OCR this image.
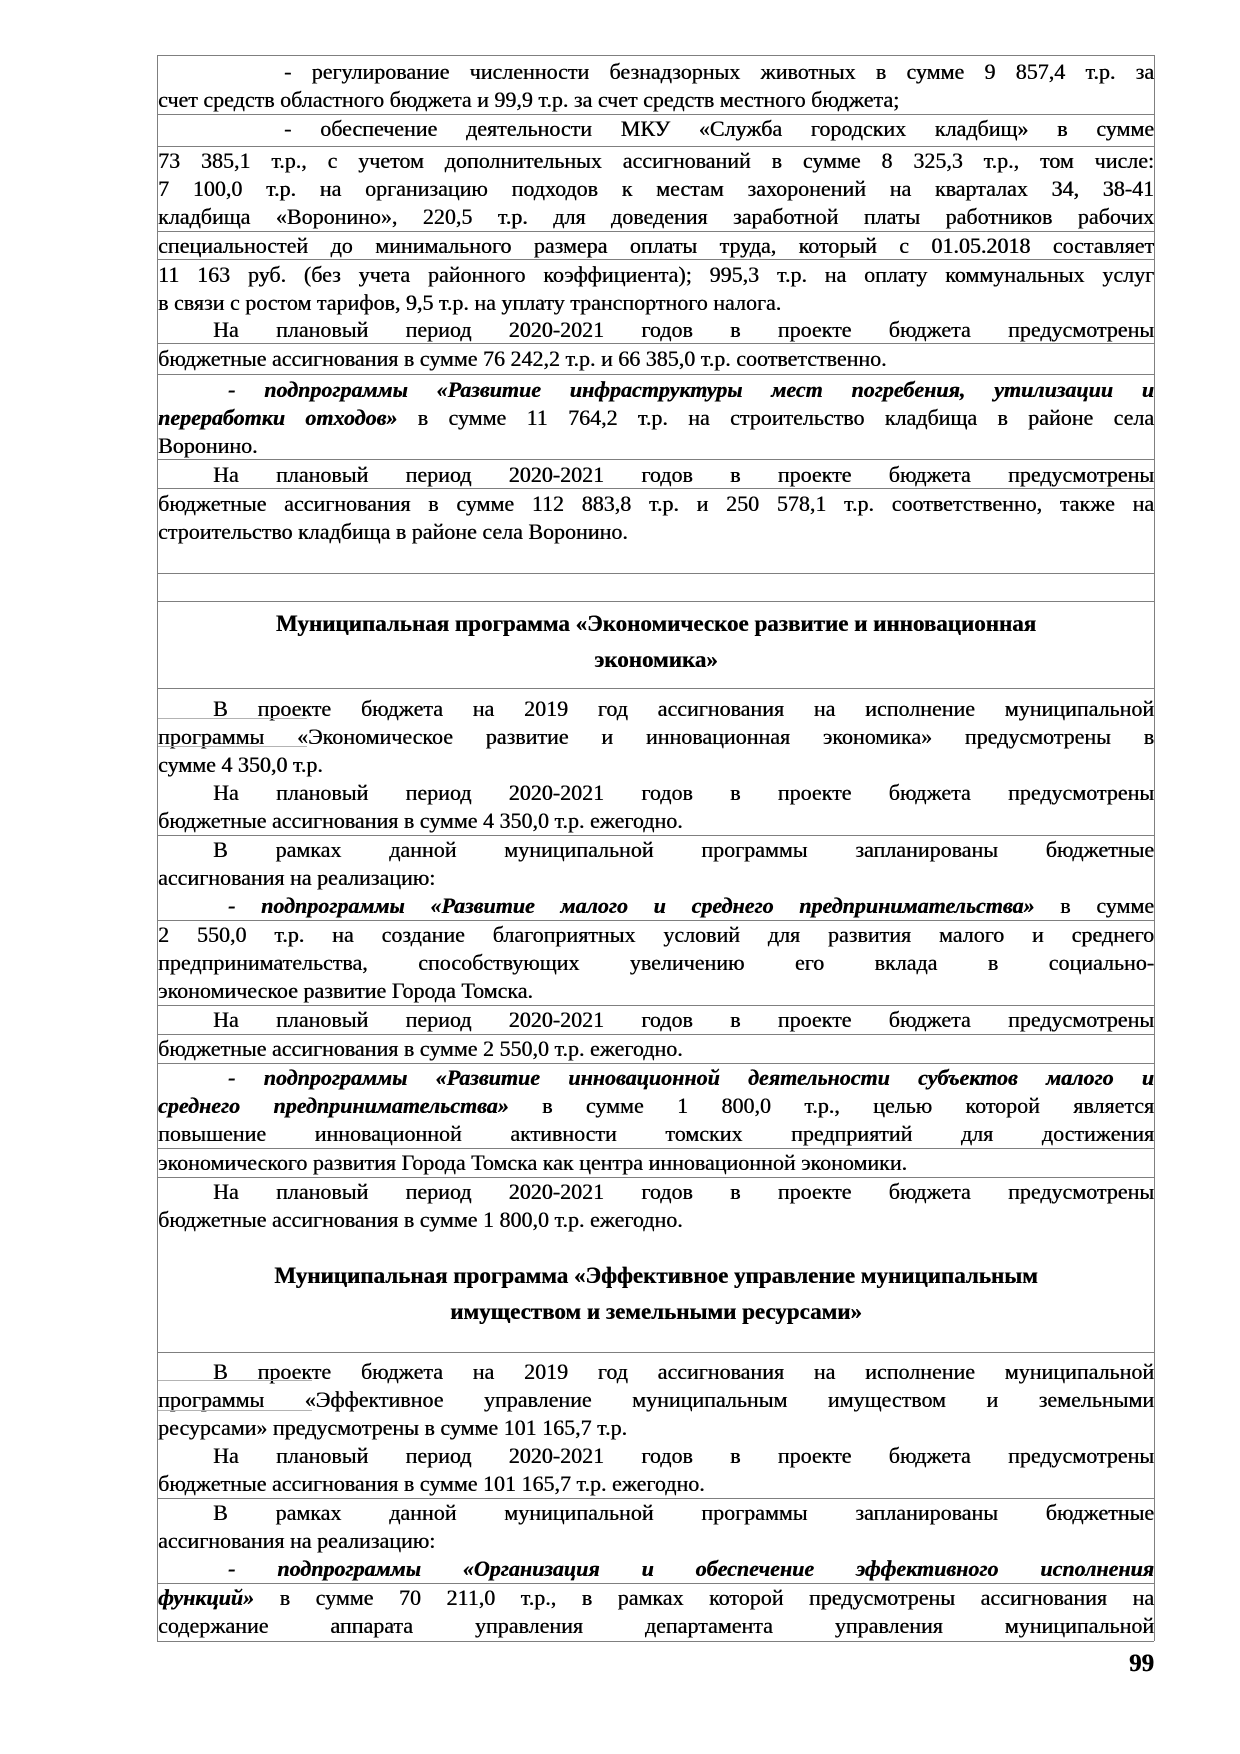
- регулирование численности безнадзорных животных в сумме 9 857,4 т.р. за
счет средств областного бюджета и 99,9 т.р. за счет средств местного бюджета;
- обеспечение деятельности МКУ «Служба городских кладбищ» в сумме
73 385,1 т.р., с учетом дополнительных ассигнований в сумме 8 325,3 т.р., том числе:
7 100,0 т.р. на организацию подходов к местам захоронений на кварталах 34, 38-41
кладбища «Воронино», 220,5 т.р. для доведения заработной платы работников рабочих
специальностей до минимального размера оплаты труда, который с 01.05.2018 составляет
11 163 руб. (без учета районного коэффициента); 995,3 т.р. на оплату коммунальных услуг
в связи с ростом тарифов, 9,5 т.р. на уплату транспортного налога.
На плановый период 2020-2021 годов в проекте бюджета предусмотрены
бюджетные ассигнования в сумме 76 242,2 т.р. и 66 385,0 т.р. соответственно.
- подпрограммы «Развитие инфраструктуры мест погребения, утилизации и
переработки отходов» в сумме 11 764,2 т.р. на строительство кладбища в районе села
Воронино.
На плановый период 2020-2021 годов в проекте бюджета предусмотрены
бюджетные ассигнования в сумме 112 883,8 т.р. и 250 578,1 т.р. соответственно, также на
строительство кладбища в районе села Воронино.
Муниципальная программа «Экономическое развитие и инновационная
экономика»
В проекте бюджета на 2019 год ассигнования на исполнение муниципальной
программы «Экономическое развитие и инновационная экономика» предусмотрены в
сумме 4 350,0 т.р.
На плановый период 2020-2021 годов в проекте бюджета предусмотрены
бюджетные ассигнования в сумме 4 350,0 т.р. ежегодно.
В рамках данной муниципальной программы запланированы бюджетные
ассигнования на реализацию:
- подпрограммы «Развитие малого и среднего предпринимательства» в сумме
2 550,0 т.р. на создание благоприятных условий для развития малого и среднего
предпринимательства, способствующих увеличению его вклада в социально-
экономическое развитие Города Томска.
На плановый период 2020-2021 годов в проекте бюджета предусмотрены
бюджетные ассигнования в сумме 2 550,0 т.р. ежегодно.
- подпрограммы «Развитие инновационной деятельности субъектов малого и
среднего предпринимательства» в сумме 1 800,0 т.р., целью которой является
повышение инновационной активности томских предприятий для достижения
экономического развития Города Томска как центра инновационной экономики.
На плановый период 2020-2021 годов в проекте бюджета предусмотрены
бюджетные ассигнования в сумме 1 800,0 т.р. ежегодно.
Муниципальная программа «Эффективное управление муниципальным
имуществом и земельными ресурсами»
В проекте бюджета на 2019 год ассигнования на исполнение муниципальной
программы «Эффективное управление муниципальным имуществом и земельными
ресурсами» предусмотрены в сумме 101 165,7 т.р.
На плановый период 2020-2021 годов в проекте бюджета предусмотрены
бюджетные ассигнования в сумме 101 165,7 т.р. ежегодно.
В рамках данной муниципальной программы запланированы бюджетные
ассигнования на реализацию:
- подпрограммы «Организация и обеспечение эффективного исполнения
функций» в сумме 70 211,0 т.р., в рамках которой предусмотрены ассигнования на
содержание аппарата управления департамента управления муниципальной
99
